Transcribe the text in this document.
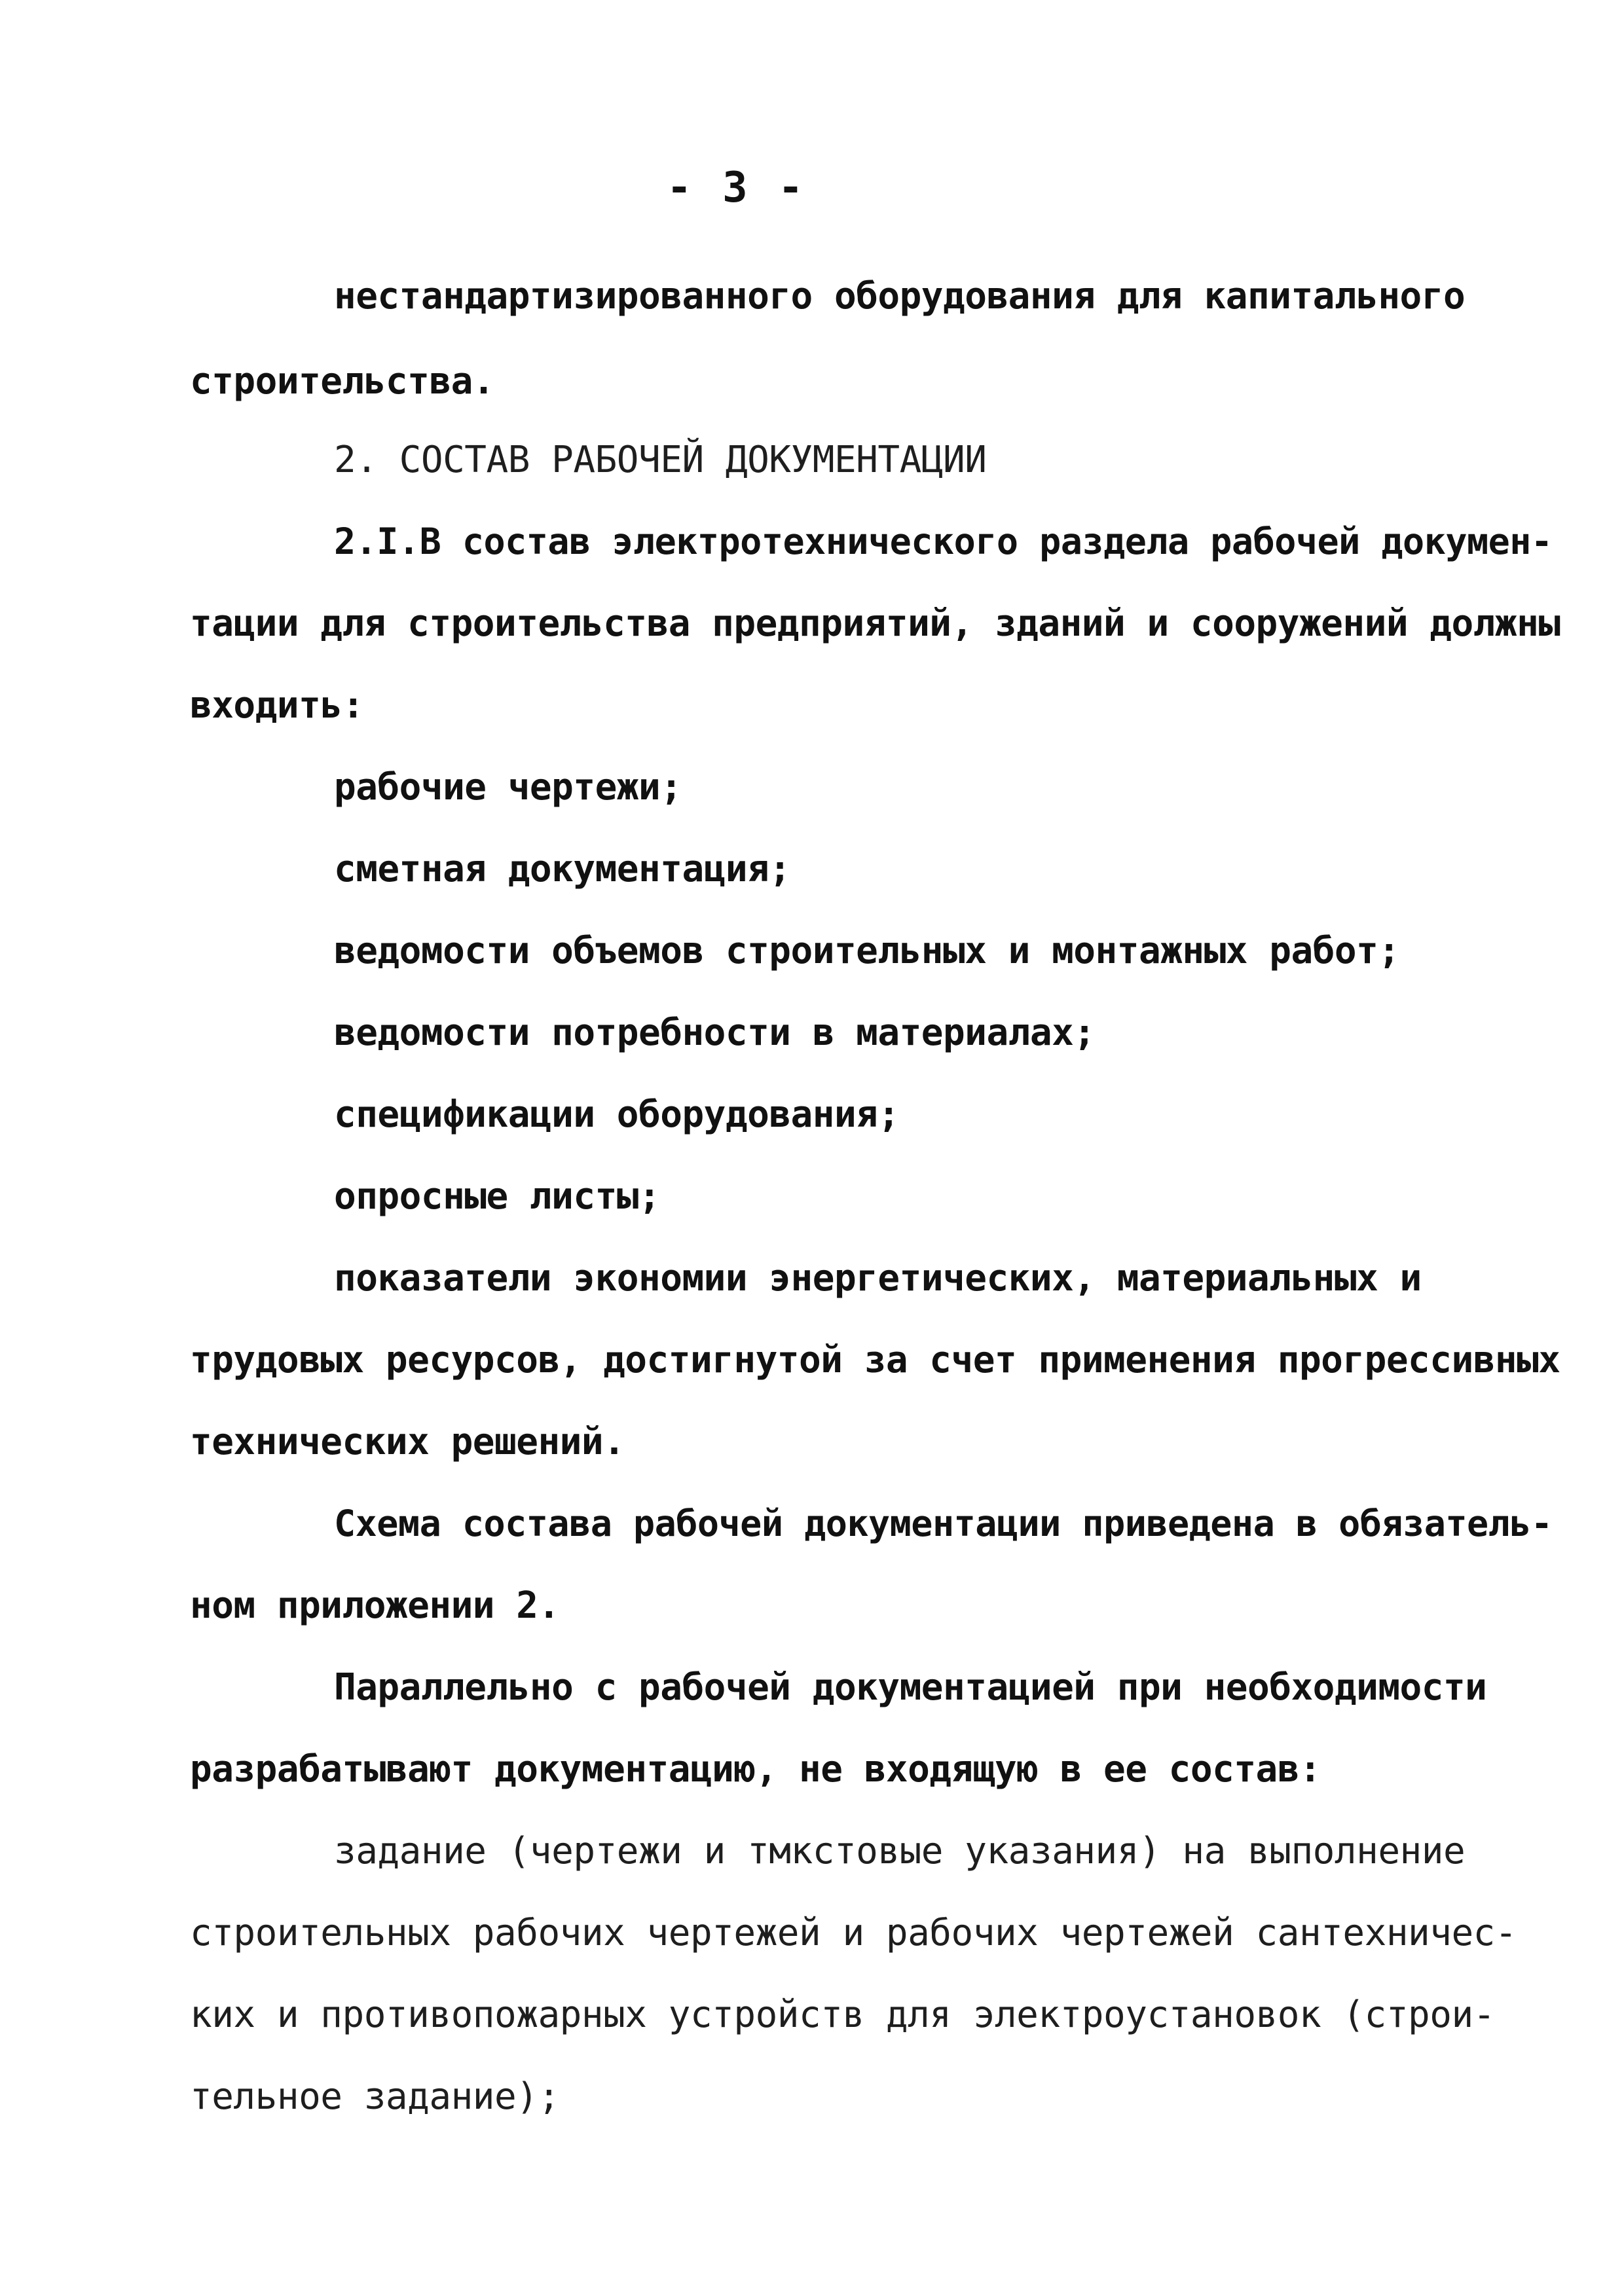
- 3 -
нестандартизированного оборудования для капитального
строительства.
2. СОСТАВ РАБОЧЕЙ ДОКУМЕНТАЦИИ
2.I.В состав электротехнического раздела рабочей докумен-
тации для строительства предприятий, зданий и сооружений должны
входить:
рабочие чертежи;
сметная документация;
ведомости объемов строительных и монтажных работ;
ведомости потребности в материалах;
спецификации оборудования;
опросные листы;
показатели экономии энергетических, материальных и
трудовых ресурсов, достигнутой за счет применения прогрессивных
технических решений.
Схема состава рабочей документации приведена в обязатель-
ном приложении 2.
Параллельно с рабочей документацией при необходимости
разрабатывают документацию, не входящую в ее состав:
задание (чертежи и тмкстовые указания) на выполнение
строительных рабочих чертежей и рабочих чертежей сантехничес-
ких и противопожарных устройств для электроустановок (строи-
тельное задание);
